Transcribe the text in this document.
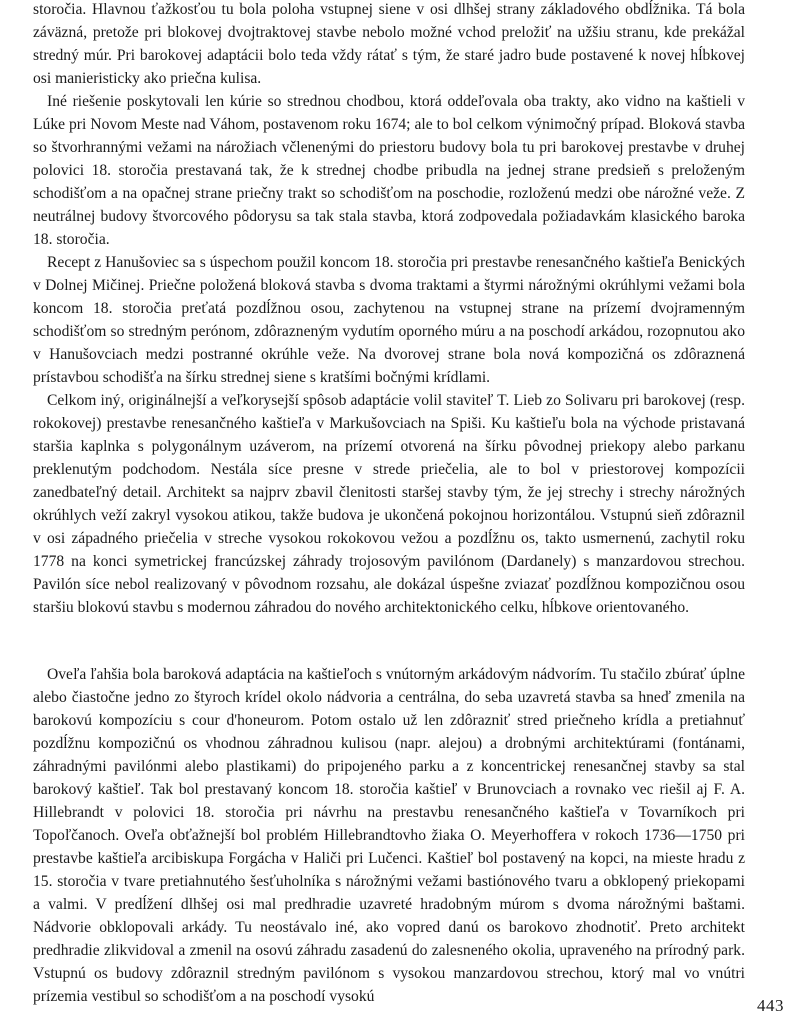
storočia. Hlavnou ťažkosťou tu bola poloha vstupnej siene v osi dlhšej strany základového obdĺžnika. Tá bola záväzná, pretože pri blokovej dvojtraktovej stavbe nebolo možné vchod preložiť na užšiu stranu, kde prekážal stredný múr. Pri barokovej adaptácii bolo teda vždy rátať s tým, že staré jadro bude postavené k novej hĺbkovej osi manieristicky ako priečna kulisa.

Iné riešenie poskytovali len kúrie so strednou chodbou, ktorá oddeľovala oba trakty, ako vidno na kaštieli v Lúke pri Novom Meste nad Váhom, postavenom roku 1674; ale to bol celkom výnimočný prípad. Bloková stavba so štvorhrannými vežami na nárožiach včlenenými do priestoru budovy bola tu pri barokovej prestavbe v druhej polovici 18. storočia prestavaná tak, že k strednej chodbe pribudla na jednej strane predsieň s preloženým schodišťom a na opačnej strane priečny trakt so schodišťom na poschodie, rozloženú medzi obe nárožné veže. Z neutrálnej budovy štvorcového pôdorysu sa tak stala stavba, ktorá zodpovedala požiadavkám klasického baroka 18. storočia.

Recept z Hanušoviec sa s úspechom použil koncom 18. storočia pri prestavbe renesančného kaštieľa Benických v Dolnej Mičinej. Priečne položená bloková stavba s dvoma traktami a štyrmi nárožnými okrúhlymi vežami bola koncom 18. storočia preťatá pozdĺžnou osou, zachytenou na vstupnej strane na prízemí dvojramenným schodišťom so stredným perónom, zdôrazneným vydutím oporného múru a na poschodí arkádou, rozopnutou ako v Hanušovciach medzi postranné okrúhle veže. Na dvorovej strane bola nová kompozičná os zdôraznená prístavbou schodišťa na šírku strednej siene s kratšími bočnými krídlami.

Celkom iný, originálnejší a veľkorysejší spôsob adaptácie volil staviteľ T. Lieb zo Solivaru pri barokovej (resp. rokokovej) prestavbe renesančného kaštieľa v Markušovciach na Spiši. Ku kaštieľu bola na východe pristavaná staršia kaplnka s polygonálnym uzáverom, na prízemí otvorená na šírku pôvodnej priekopy alebo parkanu preklenutým podchodom. Nestála síce presne v strede priečelia, ale to bol v priestorovej kompozícii zanedbateľný detail. Architekt sa najprv zbavil členitosti staršej stavby tým, že jej strechy i strechy nárožných okrúhlych veží zakryl vysokou atikou, takže budova je ukončená pokojnou horizontálou. Vstupnú sieň zdôraznil v osi západného priečelia v streche vysokou rokokovou vežou a pozdĺžnu os, takto usmernenú, zachytil roku 1778 na konci symetrickej francúzskej záhrady trojosovým pavilónom (Dardanely) s manzardovou strechou. Pavilón síce nebol realizovaný v pôvodnom rozsahu, ale dokázal úspešne zviazať pozdĺžnou kompozičnou osou staršiu blokovú stavbu s modernou záhradou do nového architektonického celku, hĺbkove orientovaného.

Oveľa ľahšia bola baroková adaptácia na kaštieľoch s vnútorným arkádovým nádvorím. Tu stačilo zbúrať úplne alebo čiastočne jedno zo štyroch krídel okolo nádvoria a centrálna, do seba uzavretá stavba sa hneď zmenila na barokovú kompozíciu s cour d'honeurom. Potom ostalo už len zdôrazniť stred priečneho krídla a pretiahnuť pozdĺžnu kompozičnú os vhodnou záhradnou kulisou (napr. alejou) a drobnými architektúrami (fontánami, záhradnými pavilónmi alebo plastikami) do pripojeného parku a z koncentrickej renesančnej stavby sa stal barokový kaštieľ. Tak bol prestavaný koncom 18. storočia kaštieľ v Brunovciach a rovnako vec riešil aj F. A. Hillebrandt v polovici 18. storočia pri návrhu na prestavbu renesančného kaštieľa v Tovarníkoch pri Topoľčanoch. Oveľa obťažnejší bol problém Hillebrandtovho žiaka O. Meyerhoffera v rokoch 1736—1750 pri prestavbe kaštieľa arcibiskupa Forgácha v Haliči pri Lučenci. Kaštieľ bol postavený na kopci, na mieste hradu z 15. storočia v tvare pretiahnutého šesťuholníka s nárožnými vežami bastiónového tvaru a obklopený priekopami a valmi. V predĺžení dlhšej osi mal predhradie uzavreté hradobným múrom s dvoma nárožnými baštami. Nádvorie obklopovali arkády. Tu neostávalo iné, ako vopred danú os barokovo zhodnotiť. Preto architekt predhradie zlikvidoval a zmenil na osovú záhradu zasadenú do zalesneného okolia, upraveného na prírodný park. Vstupnú os budovy zdôraznil stredným pavilónom s vysokou manzardovou strechou, ktorý mal vo vnútri prízemia vestibul so schodišťom a na poschodí vysokú	443
